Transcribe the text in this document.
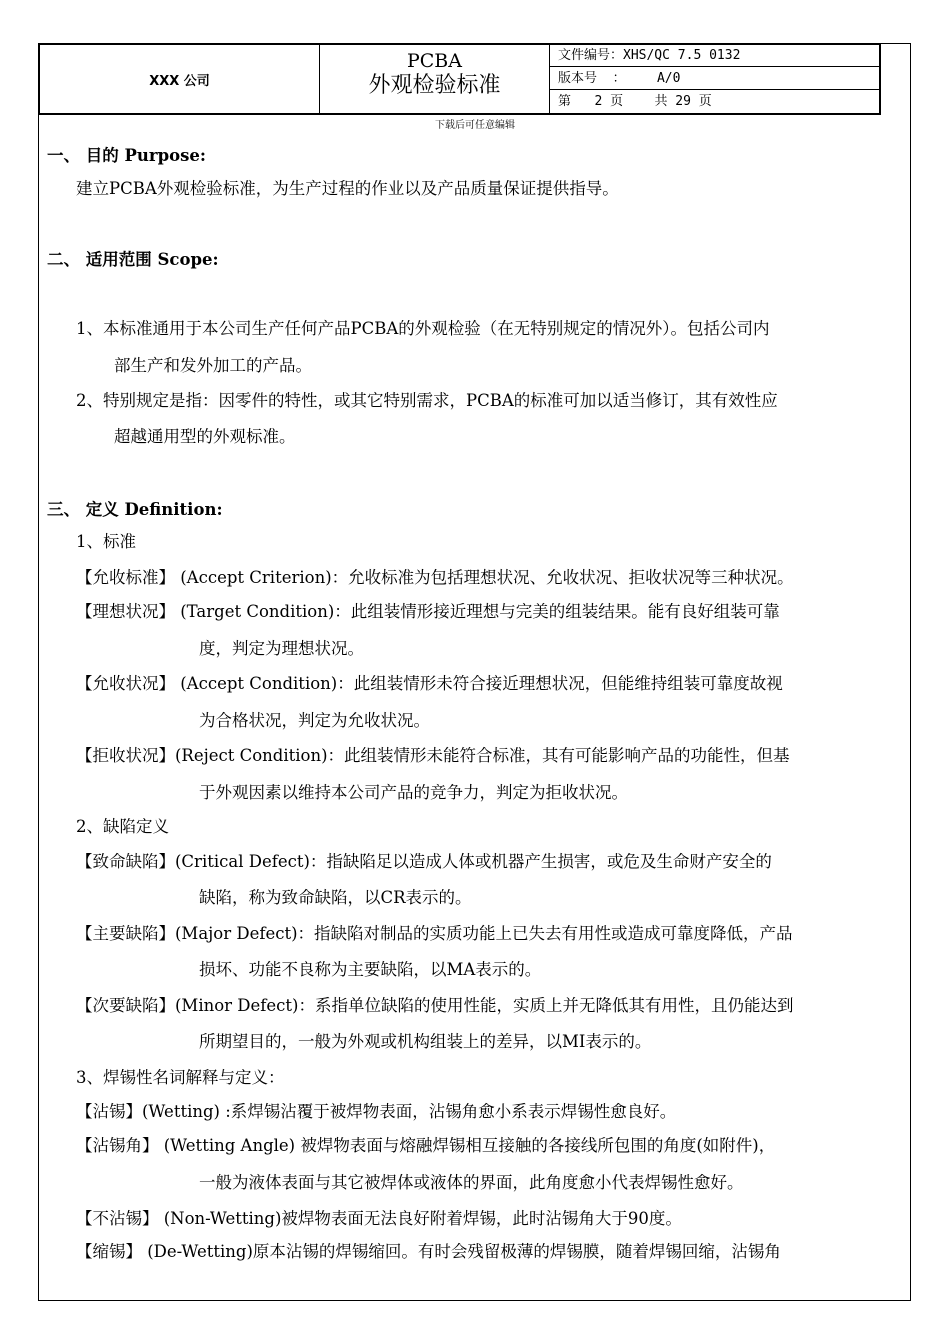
XXX 公司
PCBA
外观检验标准
文件编号：XHS/QC 7.5 0132
版本号  ：    A/0
第   2 页    共 29 页
下载后可任意编辑
一、 目的 Purpose:
建立PCBA外观检验标准，为生产过程的作业以及产品质量保证提供指导。
二、 适用范围 Scope:
1、本标准通用于本公司生产任何产品PCBA的外观检验（在无特别规定的情况外）。包括公司内
部生产和发外加工的产品。
2、特别规定是指：因零件的特性，或其它特别需求，PCBA的标准可加以适当修订，其有效性应
超越通用型的外观标准。
三、 定义 Definition:
1、标准
【允收标准】 (Accept Criterion)：允收标准为包括理想状况、允收状况、拒收状况等三种状况。
【理想状况】 (Target Condition)：此组装情形接近理想与完美的组装结果。能有良好组装可靠
度，判定为理想状况。
【允收状况】 (Accept Condition)：此组装情形未符合接近理想状况，但能维持组装可靠度故视
为合格状况，判定为允收状况。
【拒收状况】(Reject Condition)：此组装情形未能符合标准，其有可能影响产品的功能性，但基
于外观因素以维持本公司产品的竞争力，判定为拒收状况。
2、缺陷定义
【致命缺陷】(Critical Defect)：指缺陷足以造成人体或机器产生损害，或危及生命财产安全的
缺陷，称为致命缺陷，以CR表示的。
【主要缺陷】(Major Defect)：指缺陷对制品的实质功能上已失去有用性或造成可靠度降低，产品
损坏、功能不良称为主要缺陷，以MA表示的。
【次要缺陷】(Minor Defect)：系指单位缺陷的使用性能，实质上并无降低其有用性，且仍能达到
所期望目的，一般为外观或机构组装上的差异，以MI表示的。
3、焊锡性名词解释与定义：
【沾锡】(Wetting) :系焊锡沾覆于被焊物表面，沾锡角愈小系表示焊锡性愈良好。
【沾锡角】 (Wetting Angle) 被焊物表面与熔融焊锡相互接触的各接线所包围的角度(如附件)，
一般为液体表面与其它被焊体或液体的界面，此角度愈小代表焊锡性愈好。
【不沾锡】 (Non-Wetting)被焊物表面无法良好附着焊锡，此时沾锡角大于90度。
【缩锡】 (De-Wetting)原本沾锡的焊锡缩回。有时会残留极薄的焊锡膜，随着焊锡回缩，沾锡角
